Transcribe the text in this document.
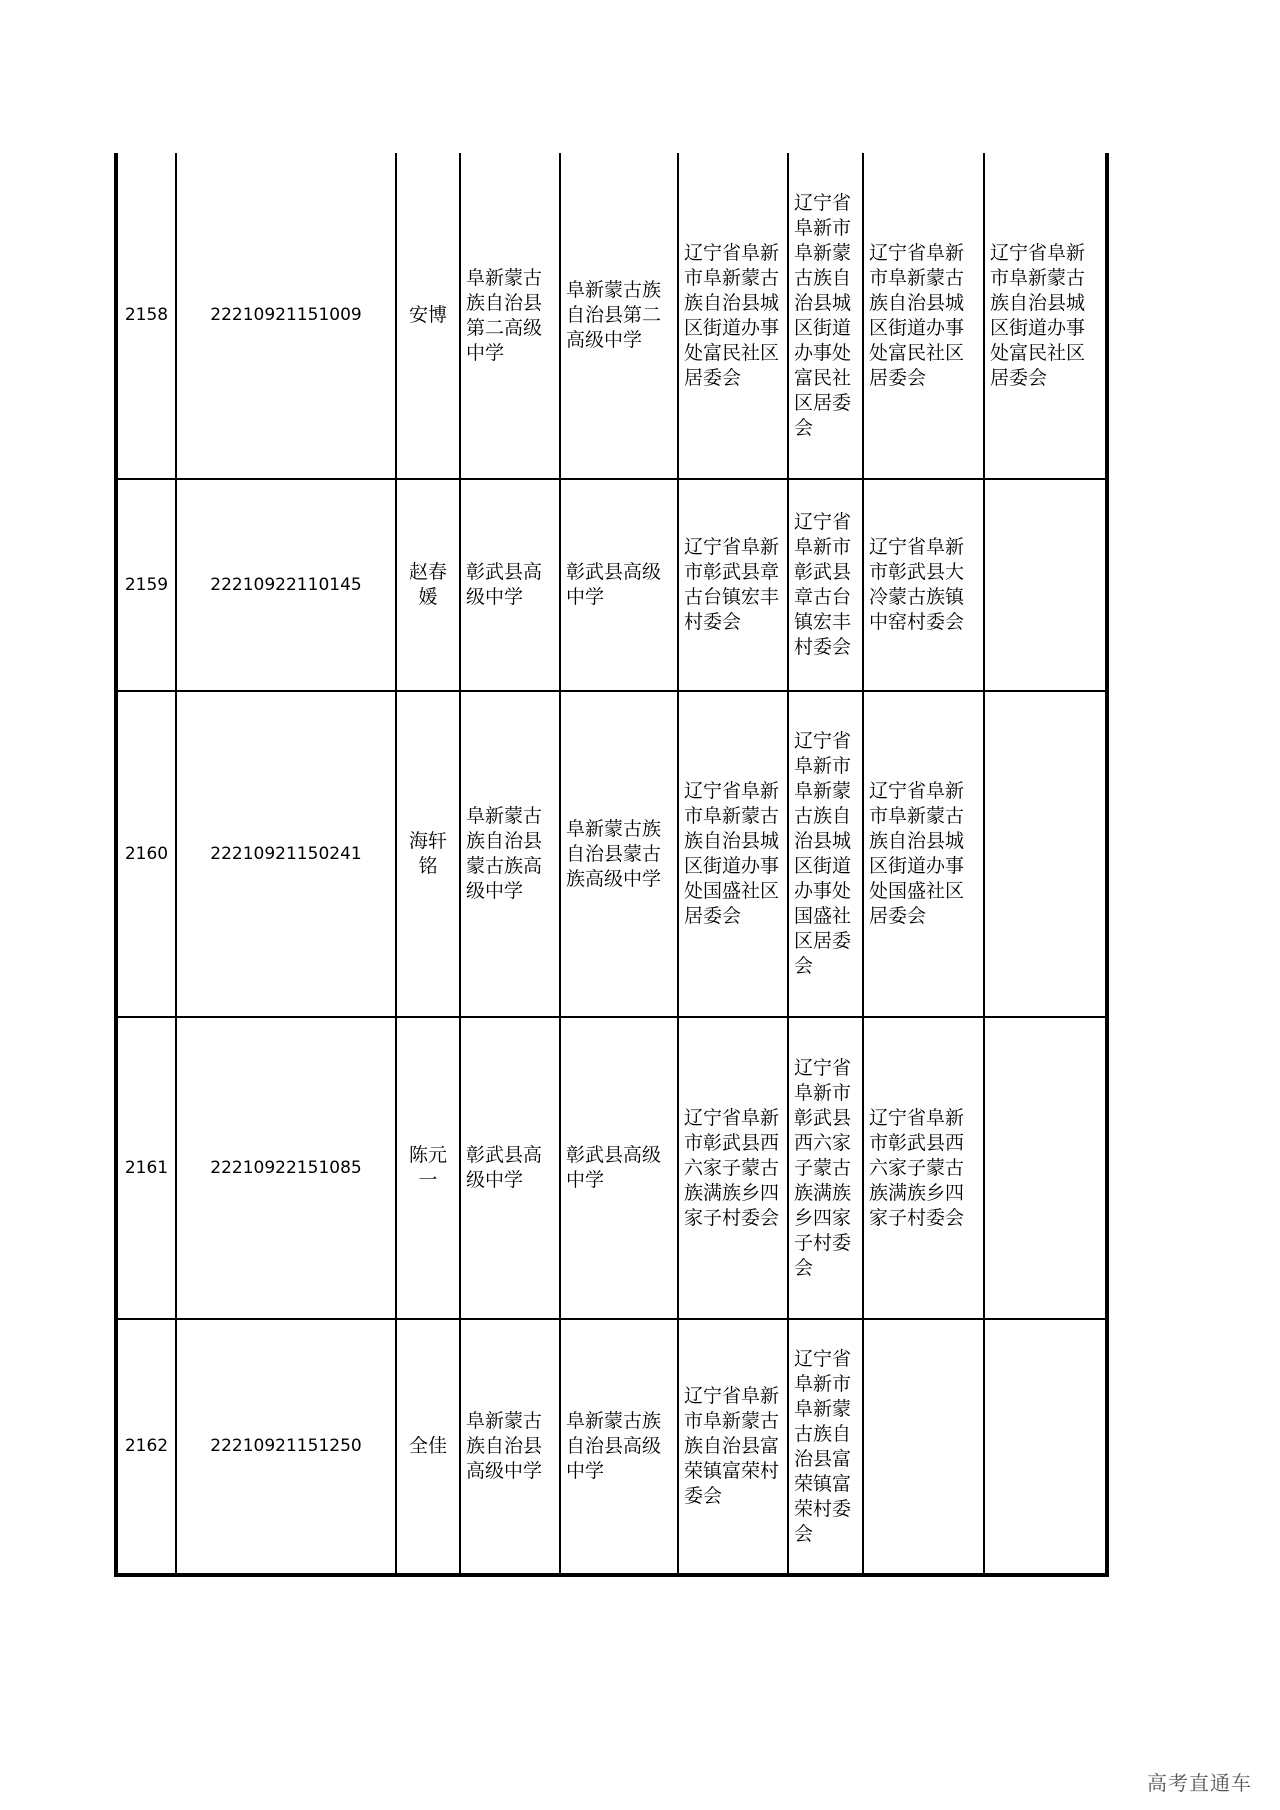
2158	22210921151009	安博	阜新蒙古族自治县第二高级中学	阜新蒙古族自治县第二高级中学	辽宁省阜新市阜新蒙古族自治县城区街道办事处富民社区居委会	辽宁省阜新市阜新蒙古族自治县城区街道办事处富民社区居委会	辽宁省阜新市阜新蒙古族自治县城区街道办事处富民社区居委会	辽宁省阜新市阜新蒙古族自治县城区街道办事处富民社区居委会
2159	22210922110145	赵春媛	彰武县高级中学	彰武县高级中学	辽宁省阜新市彰武县章古台镇宏丰村委会	辽宁省阜新市彰武县章古台镇宏丰村委会	辽宁省阜新市彰武县大冷蒙古族镇中窑村委会	
2160	22210921150241	海轩铭	阜新蒙古族自治县蒙古族高级中学	阜新蒙古族自治县蒙古族高级中学	辽宁省阜新市阜新蒙古族自治县城区街道办事处国盛社区居委会	辽宁省阜新市阜新蒙古族自治县城区街道办事处国盛社区居委会	辽宁省阜新市阜新蒙古族自治县城区街道办事处国盛社区居委会	
2161	22210922151085	陈元一	彰武县高级中学	彰武县高级中学	辽宁省阜新市彰武县西六家子蒙古族满族乡四家子村委会	辽宁省阜新市彰武县西六家子蒙古族满族乡四家子村委会	辽宁省阜新市彰武县西六家子蒙古族满族乡四家子村委会	
2162	22210921151250	全佳	阜新蒙古族自治县高级中学	阜新蒙古族自治县高级中学	辽宁省阜新市阜新蒙古族自治县富荣镇富荣村委会	辽宁省阜新市阜新蒙古族自治县富荣镇富荣村委会		
高考直通车
